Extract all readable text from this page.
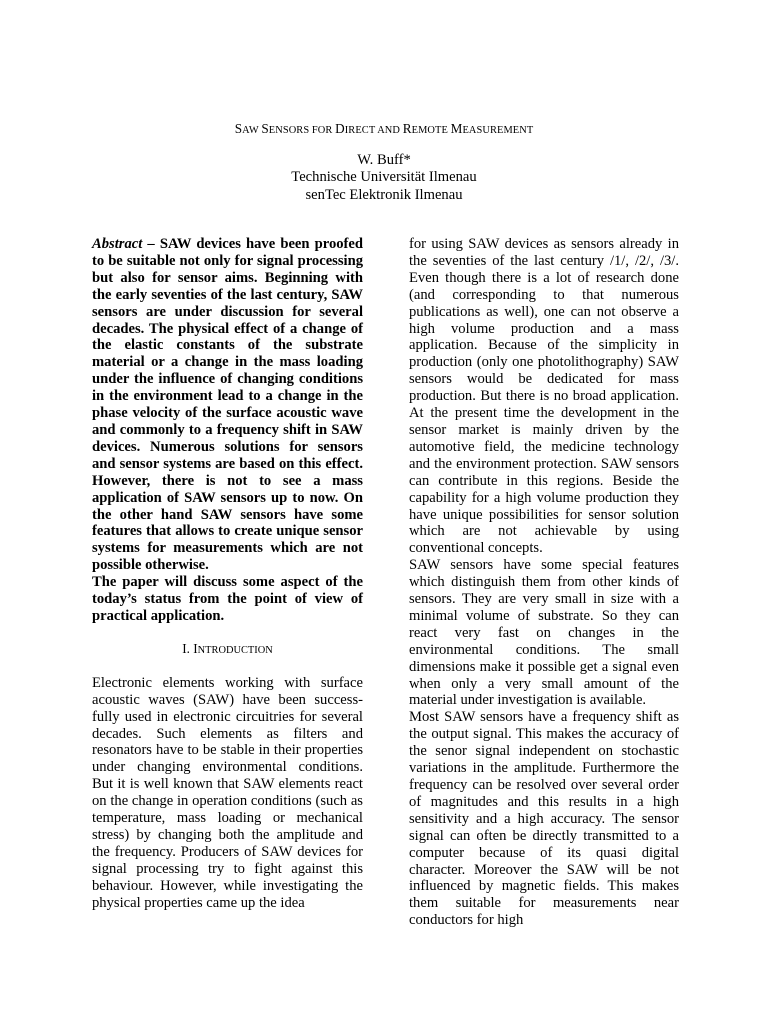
SAW SENSORS FOR DIRECT AND REMOTE MEASUREMENT
W. Buff*
Technische Universität Ilmenau
senTec Elektronik Ilmenau

Abstract – SAW devices have been proofed to be suitable not only for signal processing but also for sensor aims. Beginning with the early seventies of the last century, SAW sensors are under discussion for several decades. The physical effect of a change of the elastic constants of the substrate material or a change in the mass loading under the influence of changing conditions in the environment lead to a change in the phase velocity of the surface acoustic wave and commonly to a frequency shift in SAW devices. Numerous solutions for sensors and sensor systems are based on this effect. However, there is not to see a mass application of SAW sensors up to now. On the other hand SAW sensors have some features that allows to create unique sensor systems for measurements which are not possible otherwise.

The paper will discuss some aspect of the today’s status from the point of view of practical application.

I. INTRODUCTION

Electronic elements working with surface acoustic waves (SAW) have been success-fully used in electronic circuitries for several decades. Such elements as filters and resonators have to be stable in their properties under changing environmental conditions. But it is well known that SAW elements react on the change in operation conditions (such as temperature, mass loading or mechanical stress) by changing both the amplitude and the frequency. Producers of SAW devices for signal processing try to fight against this behaviour. However, while investigating the physical properties came up the idea

for using SAW devices as sensors already in the seventies of the last century /1/, /2/, /3/. Even though there is a lot of research done (and corresponding to that numerous publications as well), one can not observe a high volume production and a mass application. Because of the simplicity in production (only one photolithography) SAW sensors would be dedicated for mass production. But there is no broad application. At the present time the development in the sensor market is mainly driven by the automotive field, the medicine technology and the environment protection. SAW sensors can contribute in this regions. Beside the capability for a high volume production they have unique possibilities for sensor solution which are not achievable by using conventional concepts.

SAW sensors have some special features which distinguish them from other kinds of sensors. They are very small in size with a minimal volume of substrate. So they can react very fast on changes in the environmental conditions. The small dimensions make it possible get a signal even when only a very small amount of the material under investigation is available.

Most SAW sensors have a frequency shift as the output signal. This makes the accuracy of the senor signal independent on stochastic variations in the amplitude. Furthermore the frequency can be resolved over several order of magnitudes and this results in a high sensitivity and a high accuracy. The sensor signal can often be directly transmitted to a computer because of its quasi digital character. Moreover the SAW will be not influenced by magnetic fields. This makes them suitable for measurements near conductors for high
